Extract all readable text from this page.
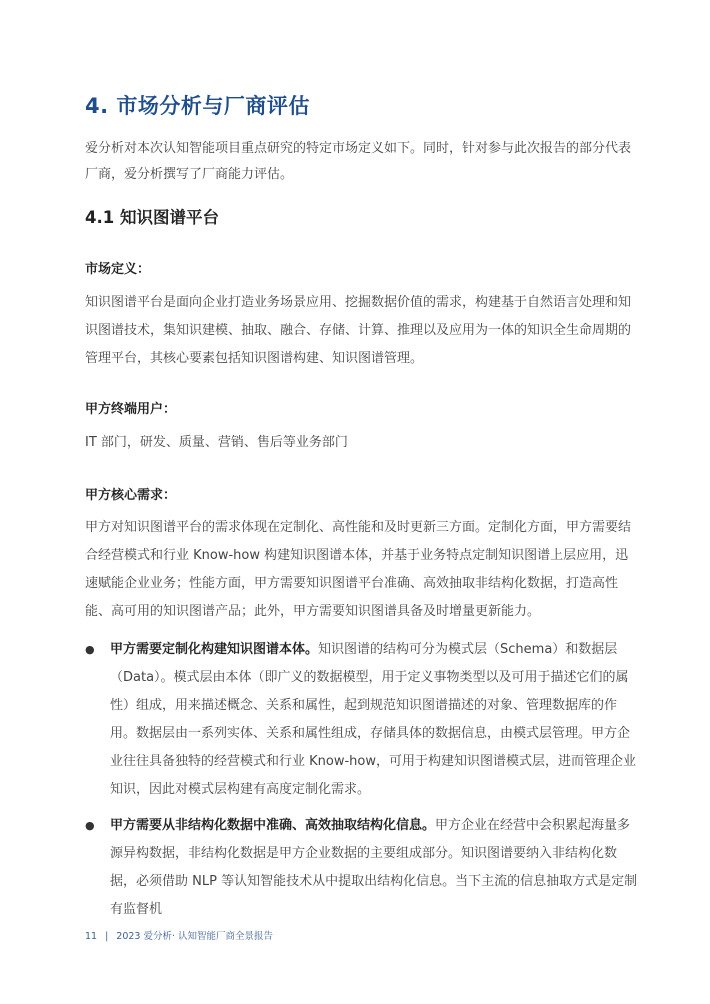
4. 市场分析与厂商评估
爱分析对本次认知智能项目重点研究的特定市场定义如下。同时，针对参与此次报告的部分代表厂商，爱分析撰写了厂商能力评估。
4.1 知识图谱平台
市场定义：
知识图谱平台是面向企业打造业务场景应用、挖掘数据价值的需求，构建基于自然语言处理和知识图谱技术，集知识建模、抽取、融合、存储、计算、推理以及应用为一体的知识全生命周期的管理平台，其核心要素包括知识图谱构建、知识图谱管理。
甲方终端用户：
IT 部门，研发、质量、营销、售后等业务部门
甲方核心需求：
甲方对知识图谱平台的需求体现在定制化、高性能和及时更新三方面。定制化方面，甲方需要结合经营模式和行业 Know-how 构建知识图谱本体，并基于业务特点定制知识图谱上层应用，迅速赋能企业业务；性能方面，甲方需要知识图谱平台准确、高效抽取非结构化数据，打造高性能、高可用的知识图谱产品；此外，甲方需要知识图谱具备及时增量更新能力。
● 甲方需要定制化构建知识图谱本体。知识图谱的结构可分为模式层（Schema）和数据层（Data）。模式层由本体（即广义的数据模型，用于定义事物类型以及可用于描述它们的属性）组成，用来描述概念、关系和属性，起到规范知识图谱描述的对象、管理数据库的作用。数据层由一系列实体、关系和属性组成，存储具体的数据信息，由模式层管理。甲方企业往往具备独特的经营模式和行业 Know-how，可用于构建知识图谱模式层，进而管理企业知识，因此对模式层构建有高度定制化需求。
● 甲方需要从非结构化数据中准确、高效抽取结构化信息。甲方企业在经营中会积累起海量多源异构数据，非结构化数据是甲方企业数据的主要组成部分。知识图谱要纳入非结构化数据，必须借助 NLP 等认知智能技术从中提取出结构化信息。当下主流的信息抽取方式是定制有监督机
11 | 2023 爱分析· 认知智能厂商全景报告
